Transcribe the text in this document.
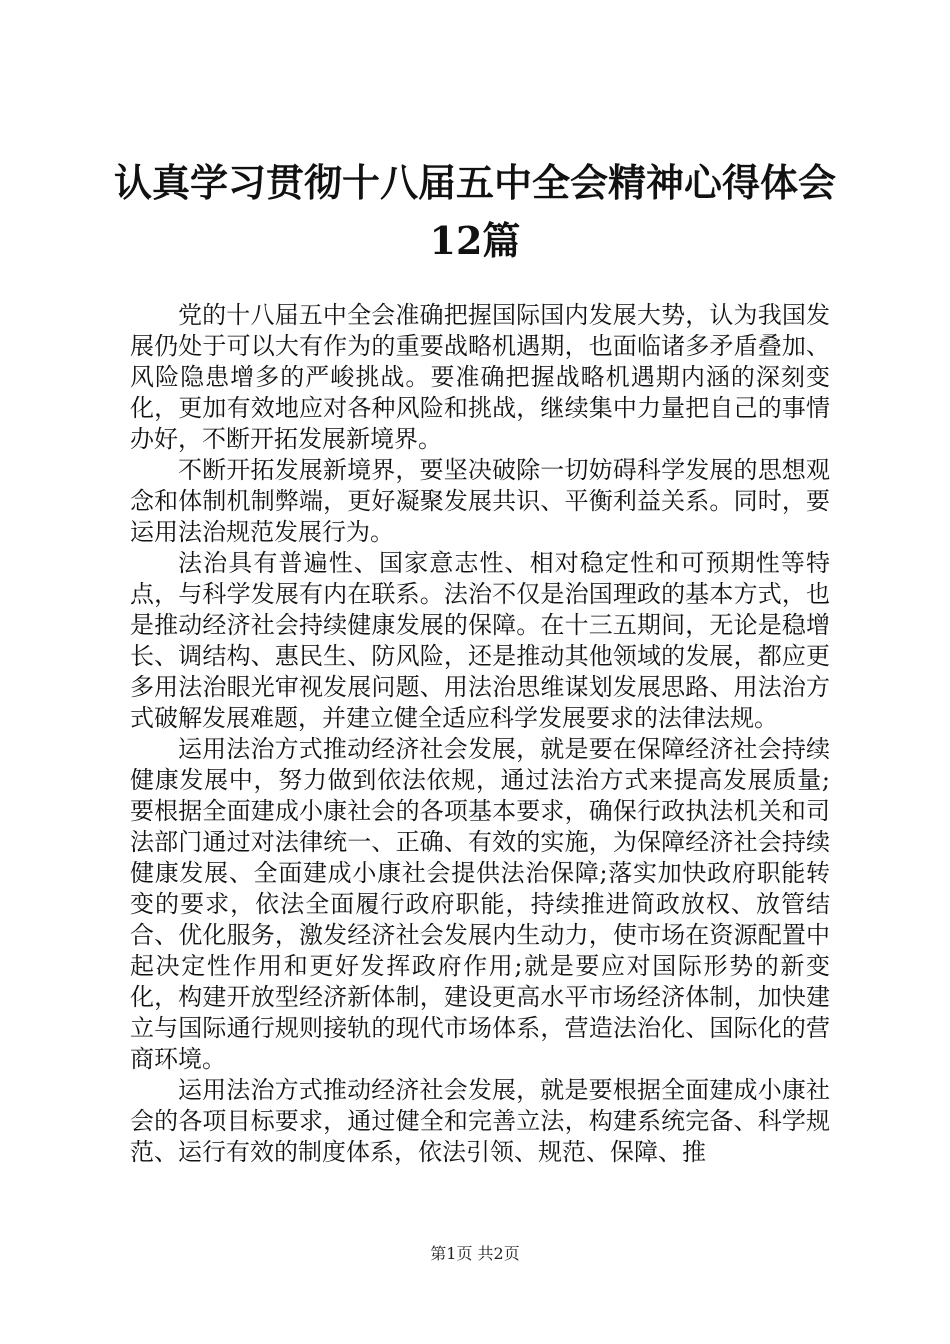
认真学习贯彻十八届五中全会精神心得体会
12篇

党的十八届五中全会准确把握国际国内发展大势，认为我国发展仍处于可以大有作为的重要战略机遇期，也面临诸多矛盾叠加、风险隐患增多的严峻挑战。要准确把握战略机遇期内涵的深刻变化，更加有效地应对各种风险和挑战，继续集中力量把自己的事情办好，不断开拓发展新境界。

不断开拓发展新境界，要坚决破除一切妨碍科学发展的思想观念和体制机制弊端，更好凝聚发展共识、平衡利益关系。同时，要运用法治规范发展行为。

法治具有普遍性、国家意志性、相对稳定性和可预期性等特点，与科学发展有内在联系。法治不仅是治国理政的基本方式，也是推动经济社会持续健康发展的保障。在十三五期间，无论是稳增长、调结构、惠民生、防风险，还是推动其他领域的发展，都应更多用法治眼光审视发展问题、用法治思维谋划发展思路、用法治方式破解发展难题，并建立健全适应科学发展要求的法律法规。

运用法治方式推动经济社会发展，就是要在保障经济社会持续健康发展中，努力做到依法依规，通过法治方式来提高发展质量;要根据全面建成小康社会的各项基本要求，确保行政执法机关和司法部门通过对法律统一、正确、有效的实施，为保障经济社会持续健康发展、全面建成小康社会提供法治保障;落实加快政府职能转变的要求，依法全面履行政府职能，持续推进简政放权、放管结合、优化服务，激发经济社会发展内生动力，使市场在资源配置中起决定性作用和更好发挥政府作用;就是要应对国际形势的新变化，构建开放型经济新体制，建设更高水平市场经济体制，加快建立与国际通行规则接轨的现代市场体系，营造法治化、国际化的营商环境。

运用法治方式推动经济社会发展，就是要根据全面建成小康社会的各项目标要求，通过健全和完善立法，构建系统完备、科学规范、运行有效的制度体系，依法引领、规范、保障、推

第1页 共2页
